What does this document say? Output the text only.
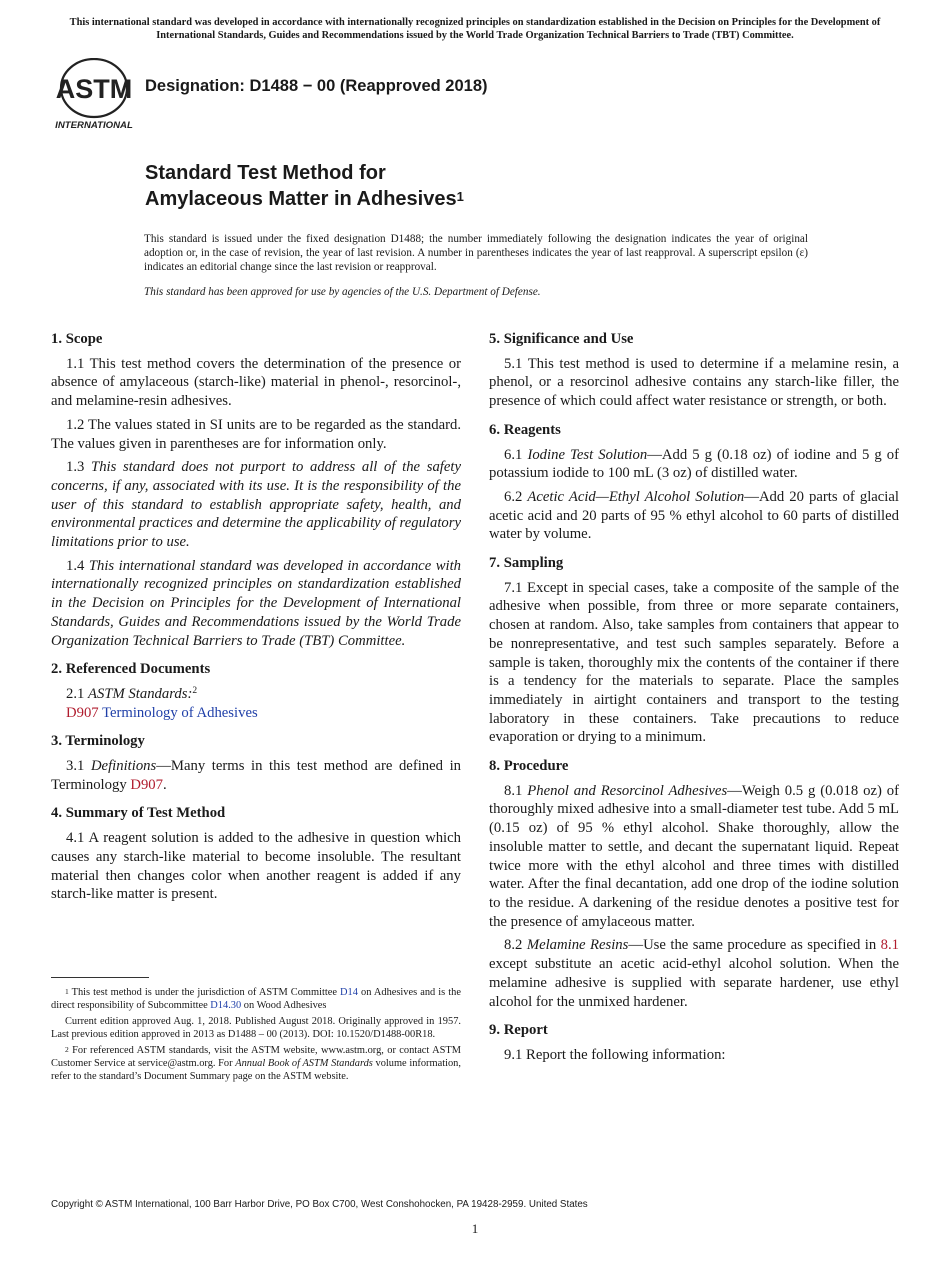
This international standard was developed in accordance with internationally recognized principles on standardization established in the Decision on Principles for the Development of International Standards, Guides and Recommendations issued by the World Trade Organization Technical Barriers to Trade (TBT) Committee.
ASTM
INTERNATIONAL
Designation: D1488 − 00 (Reapproved 2018)
Standard Test Method for
Amylaceous Matter in Adhesives$^1$

This standard is issued under the fixed designation D1488; the number immediately following the designation indicates the year of original adoption or, in the case of revision, the year of last revision. A number in parentheses indicates the year of last reapproval. A superscript epsilon (ε) indicates an editorial change since the last revision or reapproval.

This standard has been approved for use by agencies of the U.S. Department of Defense.

1. Scope

1.1 This test method covers the determination of the presence or absence of amylaceous (starch-like) material in phenol-, resorcinol-, and melamine-resin adhesives.

1.2 The values stated in SI units are to be regarded as the standard. The values given in parentheses are for information only.

1.3 This standard does not purport to address all of the safety concerns, if any, associated with its use. It is the responsibility of the user of this standard to establish appropriate safety, health, and environmental practices and determine the applicability of regulatory limitations prior to use.

1.4 This international standard was developed in accordance with internationally recognized principles on standardization established in the Decision on Principles for the Development of International Standards, Guides and Recommendations issued by the World Trade Organization Technical Barriers to Trade (TBT) Committee.

2. Referenced Documents

2.1 ASTM Standards:$^2$

D907 Terminology of Adhesives

3. Terminology

3.1 Definitions—Many terms in this test method are defined in Terminology D907.

4. Summary of Test Method

4.1 A reagent solution is added to the adhesive in question which causes any starch-like material to become insoluble. The resultant material then changes color when another reagent is added if any starch-like matter is present.

5. Significance and Use

5.1 This test method is used to determine if a melamine resin, a phenol, or a resorcinol adhesive contains any starch-like filler, the presence of which could affect water resistance or strength, or both.

6. Reagents

6.1 Iodine Test Solution—Add 5 g (0.18 oz) of iodine and 5 g of potassium iodide to 100 mL (3 oz) of distilled water.

6.2 Acetic Acid—Ethyl Alcohol Solution—Add 20 parts of glacial acetic acid and 20 parts of 95 % ethyl alcohol to 60 parts of distilled water by volume.

7. Sampling

7.1 Except in special cases, take a composite of the sample of the adhesive when possible, from three or more separate containers, chosen at random. Also, take samples from containers that appear to be nonrepresentative, and test such samples separately. Before a sample is taken, thoroughly mix the contents of the container if there is a tendency for the materials to separate. Place the samples immediately in airtight containers and transport to the testing laboratory in these containers. Take precautions to reduce evaporation or drying to a minimum.

8. Procedure

8.1 Phenol and Resorcinol Adhesives—Weigh 0.5 g (0.018 oz) of thoroughly mixed adhesive into a small-diameter test tube. Add 5 mL (0.15 oz) of 95 % ethyl alcohol. Shake thoroughly, allow the insoluble matter to settle, and decant the supernatant liquid. Repeat twice more with the ethyl alcohol and three times with distilled water. After the final decantation, add one drop of the iodine solution to the residue. A darkening of the residue denotes a positive test for the presence of amylaceous matter.

8.2 Melamine Resins—Use the same procedure as specified in 8.1 except substitute an acetic acid-ethyl alcohol solution. When the melamine adhesive is supplied with separate hardener, use ethyl alcohol for the unmixed hardener.

9. Report

9.1 Report the following information:

$^1$ This test method is under the jurisdiction of ASTM Committee D14 on Adhesives and is the direct responsibility of Subcommittee D14.30 on Wood Adhesives

Current edition approved Aug. 1, 2018. Published August 2018. Originally approved in 1957. Last previous edition approved in 2013 as D1488 – 00 (2013). DOI: 10.1520/D1488-00R18.

$^2$ For referenced ASTM standards, visit the ASTM website, www.astm.org, or contact ASTM Customer Service at service@astm.org. For Annual Book of ASTM Standards volume information, refer to the standard’s Document Summary page on the ASTM website.

Copyright © ASTM International, 100 Barr Harbor Drive, PO Box C700, West Conshohocken, PA 19428-2959. United States
1
